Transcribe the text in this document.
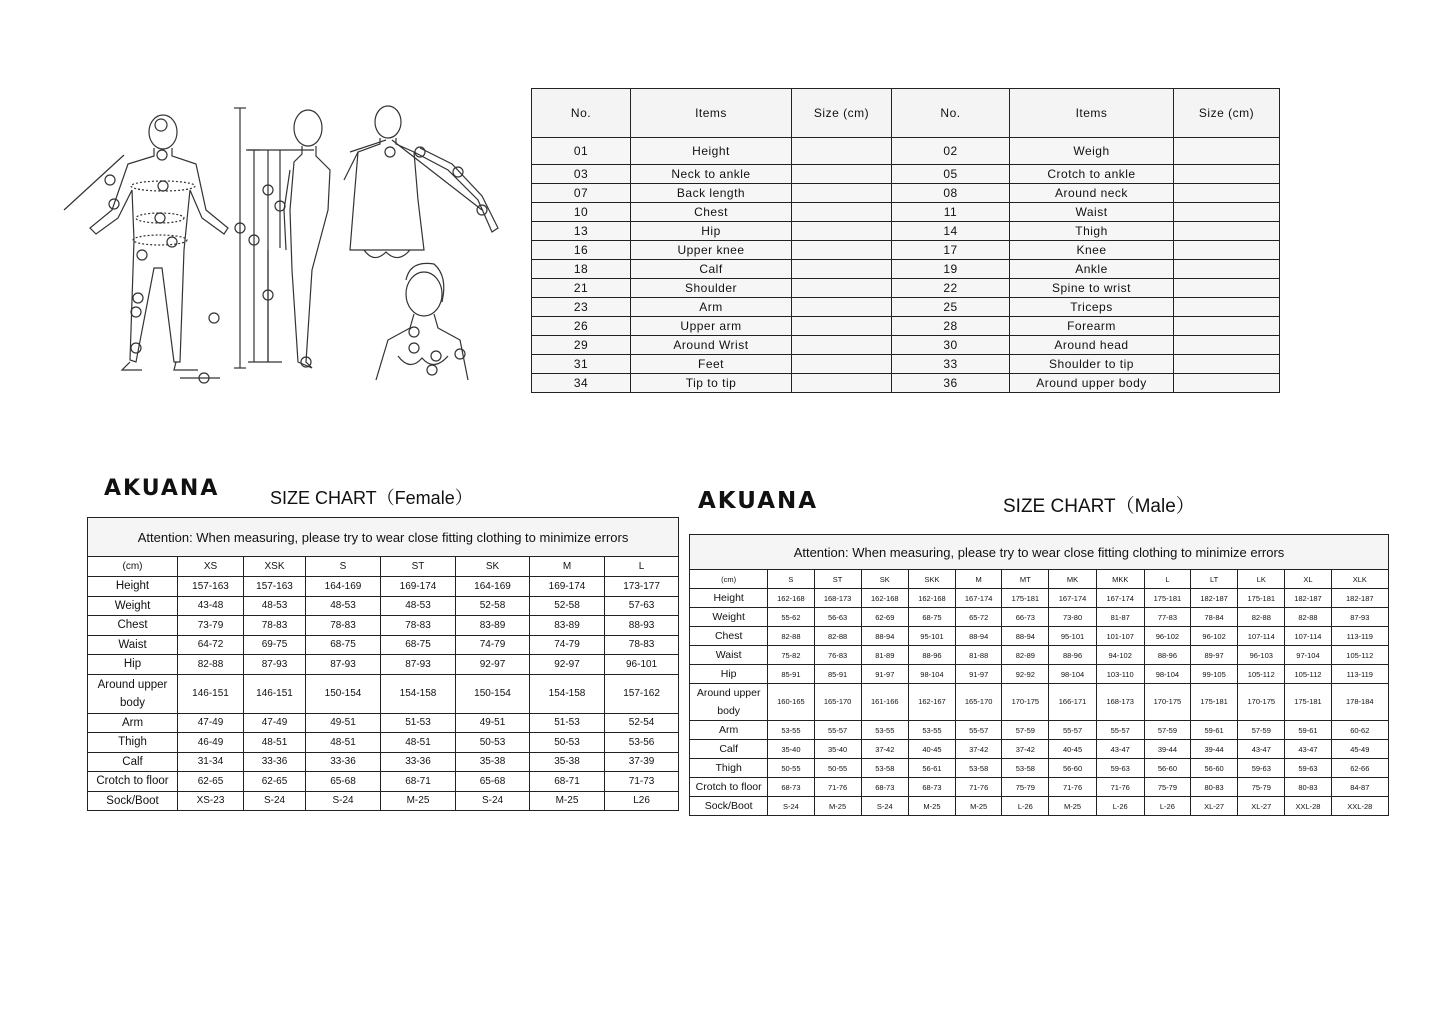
No.	Items	Size (cm)	No.	Items	Size (cm)
01	Height		02	Weigh	
03	Neck to ankle		05	Crotch to ankle	
07	Back length		08	Around neck	
10	Chest		11	Waist	
13	Hip		14	Thigh	
16	Upper knee		17	Knee	
18	Calf		19	Ankle	
21	Shoulder		22	Spine to wrist	
23	Arm		25	Triceps	
26	Upper arm		28	Forearm	
29	Around Wrist		30	Around head	
31	Feet		33	Shoulder to tip	
34	Tip to tip		36	Around upper body	
AKUANA	SIZE CHART（Female）
Attention: When measuring, please try to wear close fitting clothing to minimize errors							
(cm)	XS	XSK	S	ST	SK	M	L
Height	157-163	157-163	164-169	169-174	164-169	169-174	173-177
Weight	43-48	48-53	48-53	48-53	52-58	52-58	57-63
Chest	73-79	78-83	78-83	78-83	83-89	83-89	88-93
Waist	64-72	69-75	68-75	68-75	74-79	74-79	78-83
Hip	82-88	87-93	87-93	87-93	92-97	92-97	96-101
Around upper body	146-151	146-151	150-154	154-158	150-154	154-158	157-162
Arm	47-49	47-49	49-51	51-53	49-51	51-53	52-54
Thigh	46-49	48-51	48-51	48-51	50-53	50-53	53-56
Calf	31-34	33-36	33-36	33-36	35-38	35-38	37-39
Crotch to floor	62-65	62-65	65-68	68-71	65-68	68-71	71-73
Sock/Boot	XS-23	S-24	S-24	M-25	S-24	M-25	L26
AKUANA	SIZE CHART（Male）
Attention: When measuring, please try to wear close fitting clothing to minimize errors													
(cm)	S	ST	SK	SKK	M	MT	MK	MKK	L	LT	LK	XL	XLK
Height	162-168	168-173	162-168	162-168	167-174	175-181	167-174	167-174	175-181	182-187	175-181	182-187	182-187
Weight	55-62	56-63	62-69	68-75	65-72	66-73	73-80	81-87	77-83	78-84	82-88	82-88	87-93
Chest	82-88	82-88	88-94	95-101	88-94	88-94	95-101	101-107	96-102	96-102	107-114	107-114	113-119
Waist	75-82	76-83	81-89	88-96	81-88	82-89	88-96	94-102	88-96	89-97	96-103	97-104	105-112
Hip	85-91	85-91	91-97	98-104	91-97	92-92	98-104	103-110	98-104	99-105	105-112	105-112	113-119
Around upper body	160-165	165-170	161-166	162-167	165-170	170-175	166-171	168-173	170-175	175-181	170-175	175-181	178-184
Arm	53-55	55-57	53-55	53-55	55-57	57-59	55-57	55-57	57-59	59-61	57-59	59-61	60-62
Calf	35-40	35-40	37-42	40-45	37-42	37-42	40-45	43-47	39-44	39-44	43-47	43-47	45-49
Thigh	50-55	50-55	53-58	56-61	53-58	53-58	56-60	59-63	56-60	56-60	59-63	59-63	62-66
Crotch to floor	68-73	71-76	68-73	68-73	71-76	75-79	71-76	71-76	75-79	80-83	75-79	80-83	84-87
Sock/Boot	S-24	M-25	S-24	M-25	M-25	L-26	M-25	L-26	L-26	XL-27	XL-27	XXL-28	XXL-28
